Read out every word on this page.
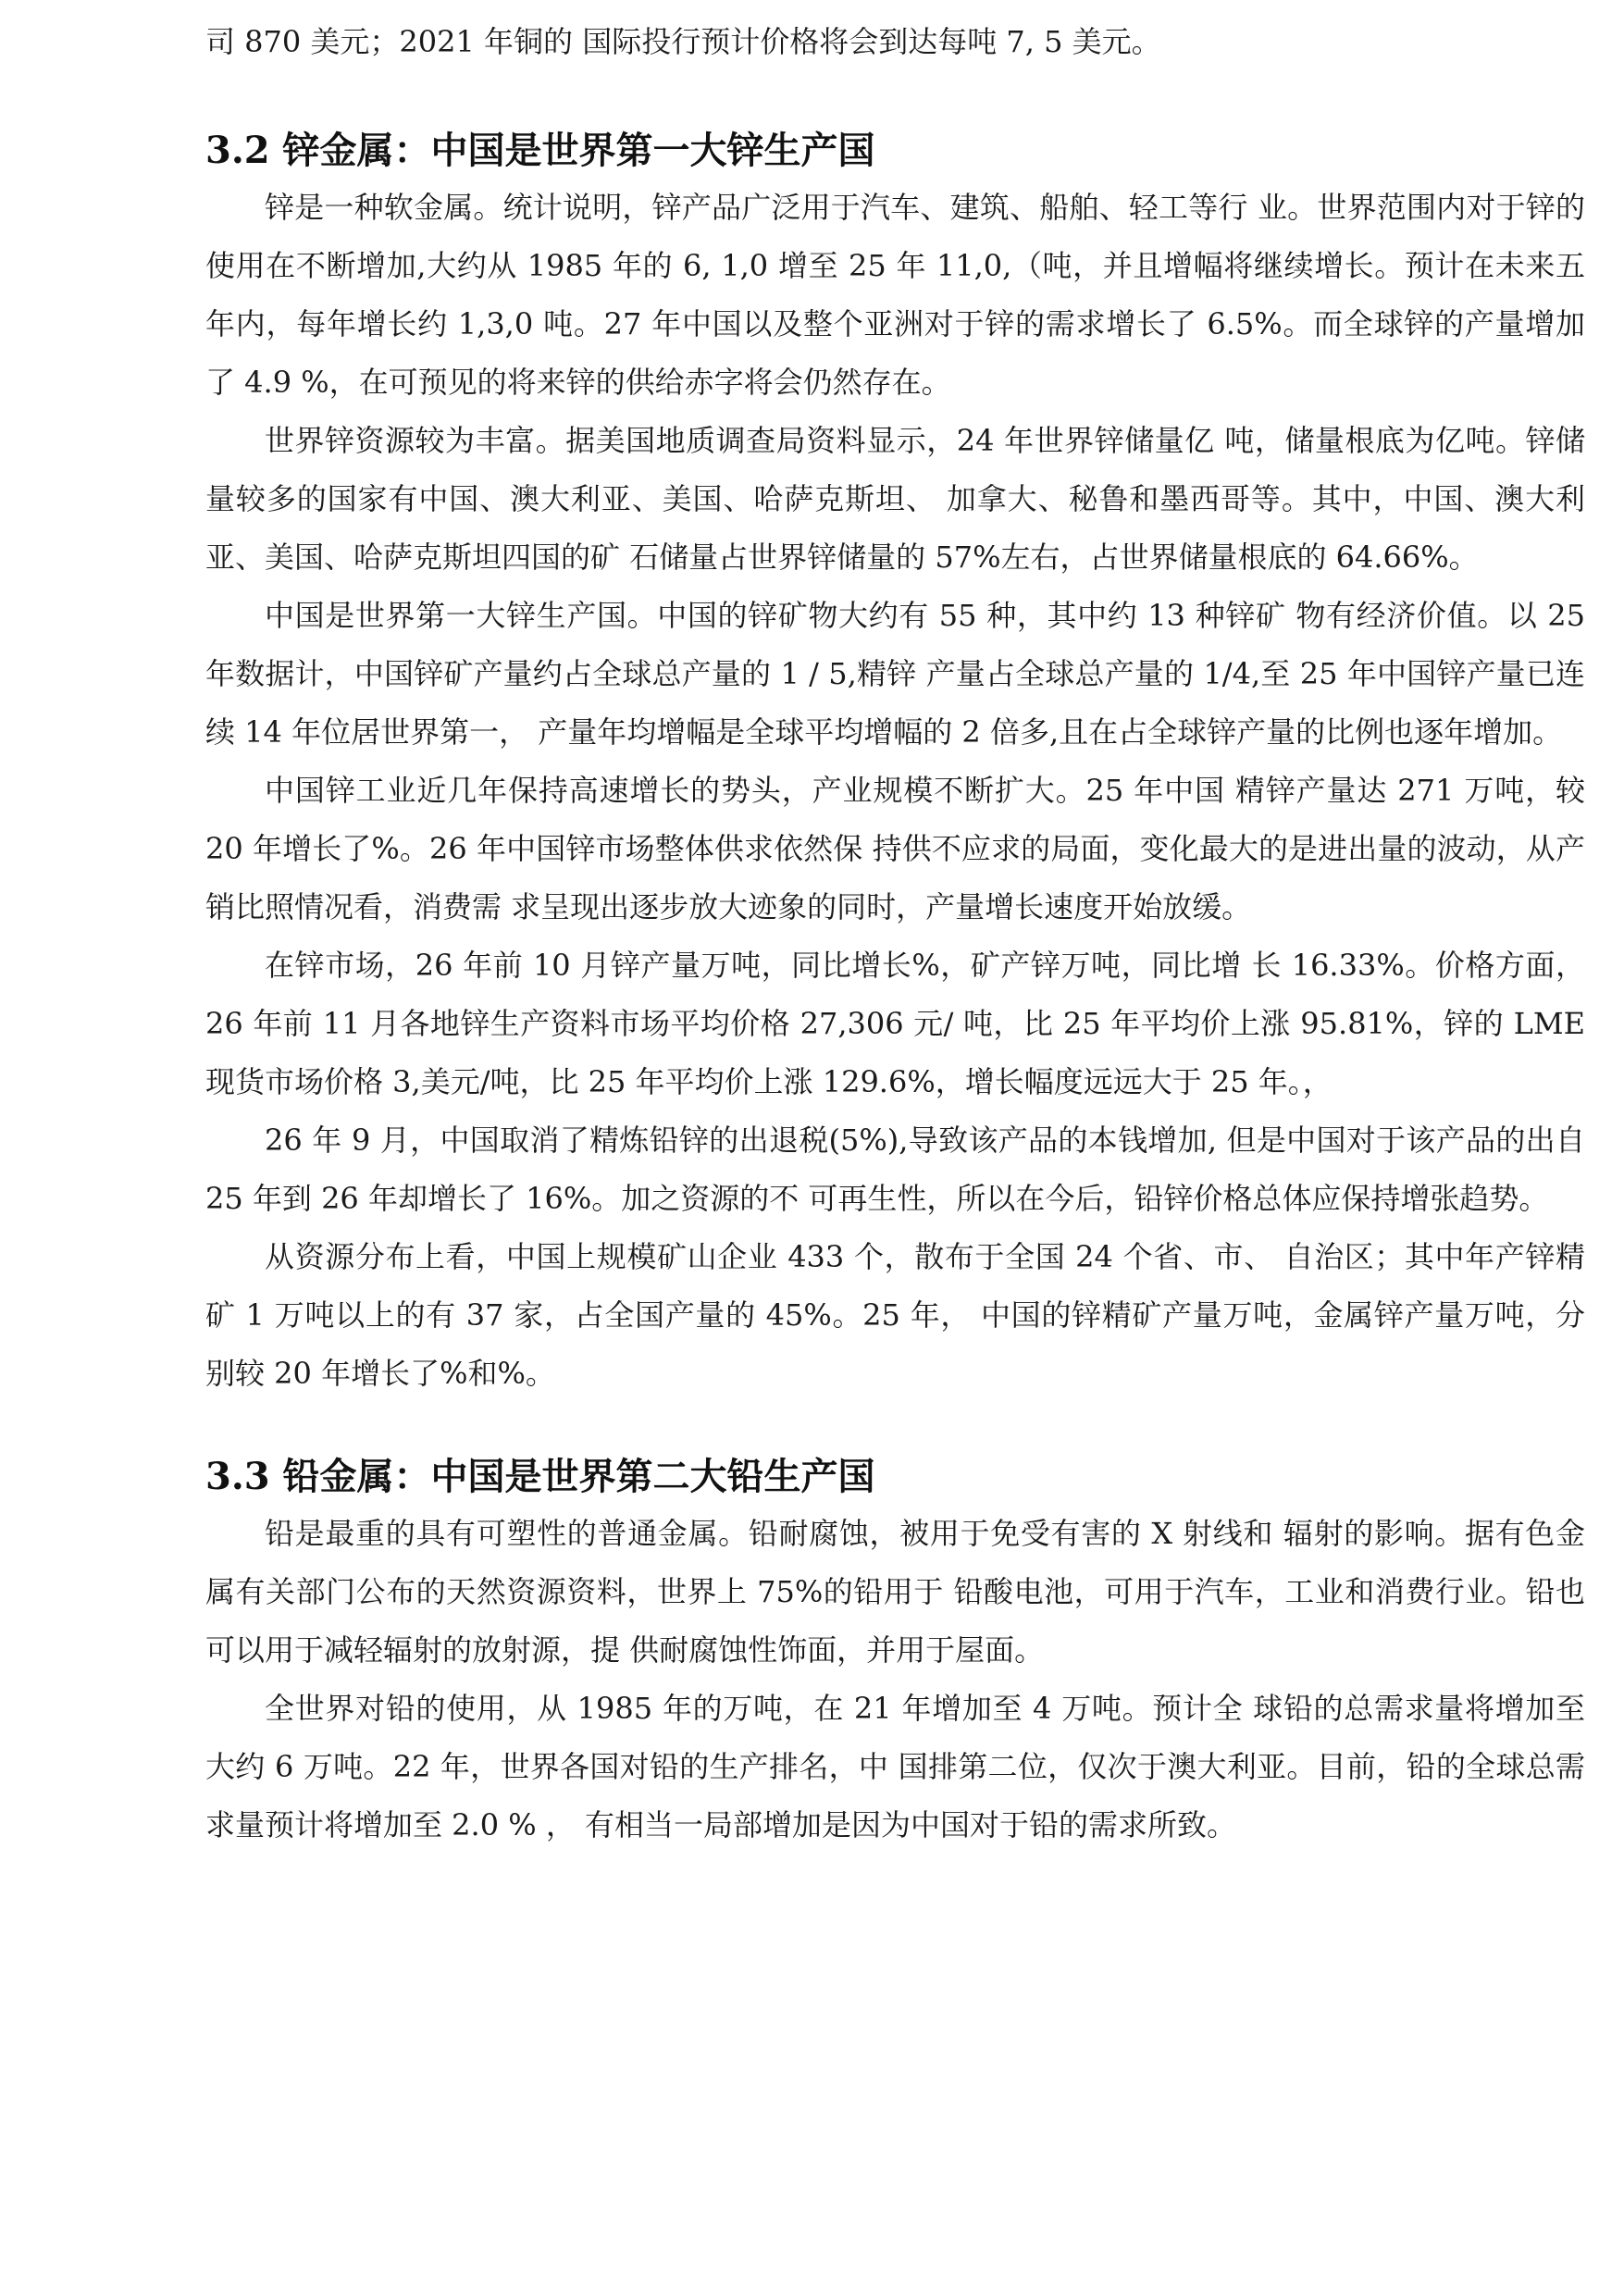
司 870 美元；2021 年铜的 国际投行预计价格将会到达每吨 7, 5 美元。

3.2 锌金属：中国是世界第一大锌生产国

锌是一种软金属。统计说明，锌产品广泛用于汽车、建筑、船舶、轻工等行 业。世界范围内对于锌的使用在不断增加,大约从 1985 年的 6, 1,0 增至 25 年 11,0,（吨，并且增幅将继续增长。预计在未来五年内，每年增长约 1,3,0 吨。27 年中国以及整个亚洲对于锌的需求增长了 6.5%。而全球锌的产量增加 了 4.9 %，在可预见的将来锌的供给赤字将会仍然存在。

世界锌资源较为丰富。据美国地质调查局资料显示，24 年世界锌储量亿 吨，储量根底为亿吨。锌储量较多的国家有中国、澳大利亚、美国、哈萨克斯坦、 加拿大、秘鲁和墨西哥等。其中，中国、澳大利亚、美国、哈萨克斯坦四国的矿 石储量占世界锌储量的 57%左右，占世界储量根底的 64.66%。

中国是世界第一大锌生产国。中国的锌矿物大约有 55 种，其中约 13 种锌矿 物有经济价值。以 25 年数据计，中国锌矿产量约占全球总产量的 1 / 5,精锌 产量占全球总产量的 1/4,至 25 年中国锌产量已连续 14 年位居世界第一， 产量年均增幅是全球平均增幅的 2 倍多,且在占全球锌产量的比例也逐年增加。

中国锌工业近几年保持高速增长的势头，产业规模不断扩大。25 年中国 精锌产量达 271 万吨，较 20 年增长了%。26 年中国锌市场整体供求依然保 持供不应求的局面，变化最大的是进出量的波动，从产销比照情况看，消费需 求呈现出逐步放大迹象的同时，产量增长速度开始放缓。

在锌市场，26 年前 10 月锌产量万吨，同比增长%，矿产锌万吨，同比增 长 16.33%。价格方面，26 年前 11 月各地锌生产资料市场平均价格 27,306 元/ 吨，比 25 年平均价上涨 95.81%，锌的 LME 现货市场价格 3,美元/吨，比 25 年平均价上涨 129.6%，增长幅度远远大于 25 年。，

26 年 9 月，中国取消了精炼铅锌的出退税(5%),导致该产品的本钱增加, 但是中国对于该产品的出自 25 年到 26 年却增长了 16%。加之资源的不 可再生性，所以在今后，铅锌价格总体应保持增张趋势。

从资源分布上看，中国上规模矿山企业 433 个，散布于全国 24 个省、市、 自治区；其中年产锌精矿 1 万吨以上的有 37 家，占全国产量的 45%。25 年， 中国的锌精矿产量万吨，金属锌产量万吨，分别较 20 年增长了%和%。

3.3 铅金属：中国是世界第二大铅生产国

铅是最重的具有可塑性的普通金属。铅耐腐蚀，被用于免受有害的 X 射线和 辐射的影响。据有色金属有关部门公布的天然资源资料，世界上 75%的铅用于 铅酸电池，可用于汽车，工业和消费行业。铅也可以用于减轻辐射的放射源，提 供耐腐蚀性饰面，并用于屋面。

全世界对铅的使用，从 1985 年的万吨，在 21 年增加至 4 万吨。预计全 球铅的总需求量将增加至大约 6 万吨。22 年，世界各国对铅的生产排名，中 国排第二位，仅次于澳大利亚。目前，铅的全球总需求量预计将增加至 2.0 % ， 有相当一局部增加是因为中国对于铅的需求所致。
